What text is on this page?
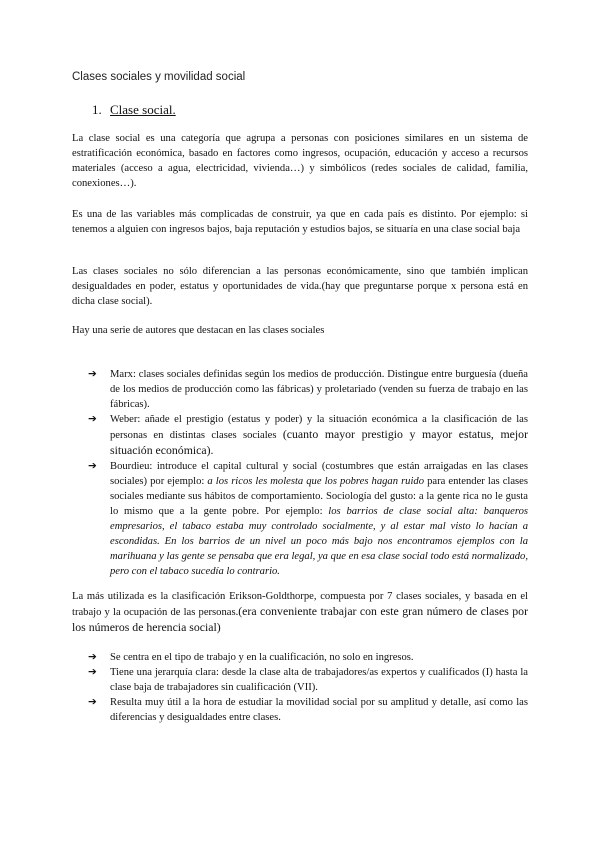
Clases sociales y movilidad social
1. Clase social.
La clase social es una categoría que agrupa a personas con posiciones similares en un sistema de estratificación económica, basado en factores como ingresos, ocupación, educación y acceso a recursos materiales (acceso a agua, electricidad, vivienda…) y simbólicos (redes sociales de calidad, familia, conexiones…).
Es una de las variables más complicadas de construir, ya que en cada país es distinto. Por ejemplo: si tenemos a alguien con ingresos bajos, baja reputación y estudios bajos, se situaría en una clase social baja
Las clases sociales no sólo diferencian a las personas económicamente, sino que también implican desigualdades en poder, estatus y oportunidades de vida.(hay que preguntarse porque x persona está en dicha clase social).
Hay una serie de autores que destacan en las clases sociales
➔ Marx: clases sociales definidas según los medios de producción. Distingue entre burguesía (dueña de los medios de producción como las fábricas) y proletariado (venden su fuerza de trabajo en las fábricas).
➔ Weber: añade el prestigio (estatus y poder) y la situación económica a la clasificación de las personas en distintas clases sociales (cuanto mayor prestigio y mayor estatus, mejor situación económica).
➔ Bourdieu: introduce el capital cultural y social (costumbres que están arraigadas en las clases sociales) por ejemplo: a los ricos les molesta que los pobres hagan ruido para entender las clases sociales mediante sus hábitos de comportamiento. Sociología del gusto: a la gente rica no le gusta lo mismo que a la gente pobre. Por ejemplo: los barrios de clase social alta: banqueros empresarios, el tabaco estaba muy controlado socialmente, y al estar mal visto lo hacían a escondidas. En los barrios de un nivel un poco más bajo nos encontramos ejemplos con la marihuana y las gente se pensaba que era legal, ya que en esa clase social todo está normalizado, pero con el tabaco sucedía lo contrario.
La más utilizada es la clasificación Erikson-Goldthorpe, compuesta por 7 clases sociales, y basada en el trabajo y la ocupación de las personas.(era conveniente trabajar con este gran número de clases por los números de herencia social)
➔ Se centra en el tipo de trabajo y en la cualificación, no solo en ingresos.
➔ Tiene una jerarquía clara: desde la clase alta de trabajadores/as expertos y cualificados (I) hasta la clase baja de trabajadores sin cualificación (VII).
➔ Resulta muy útil a la hora de estudiar la movilidad social por su amplitud y detalle, así como las diferencias y desigualdades entre clases.
